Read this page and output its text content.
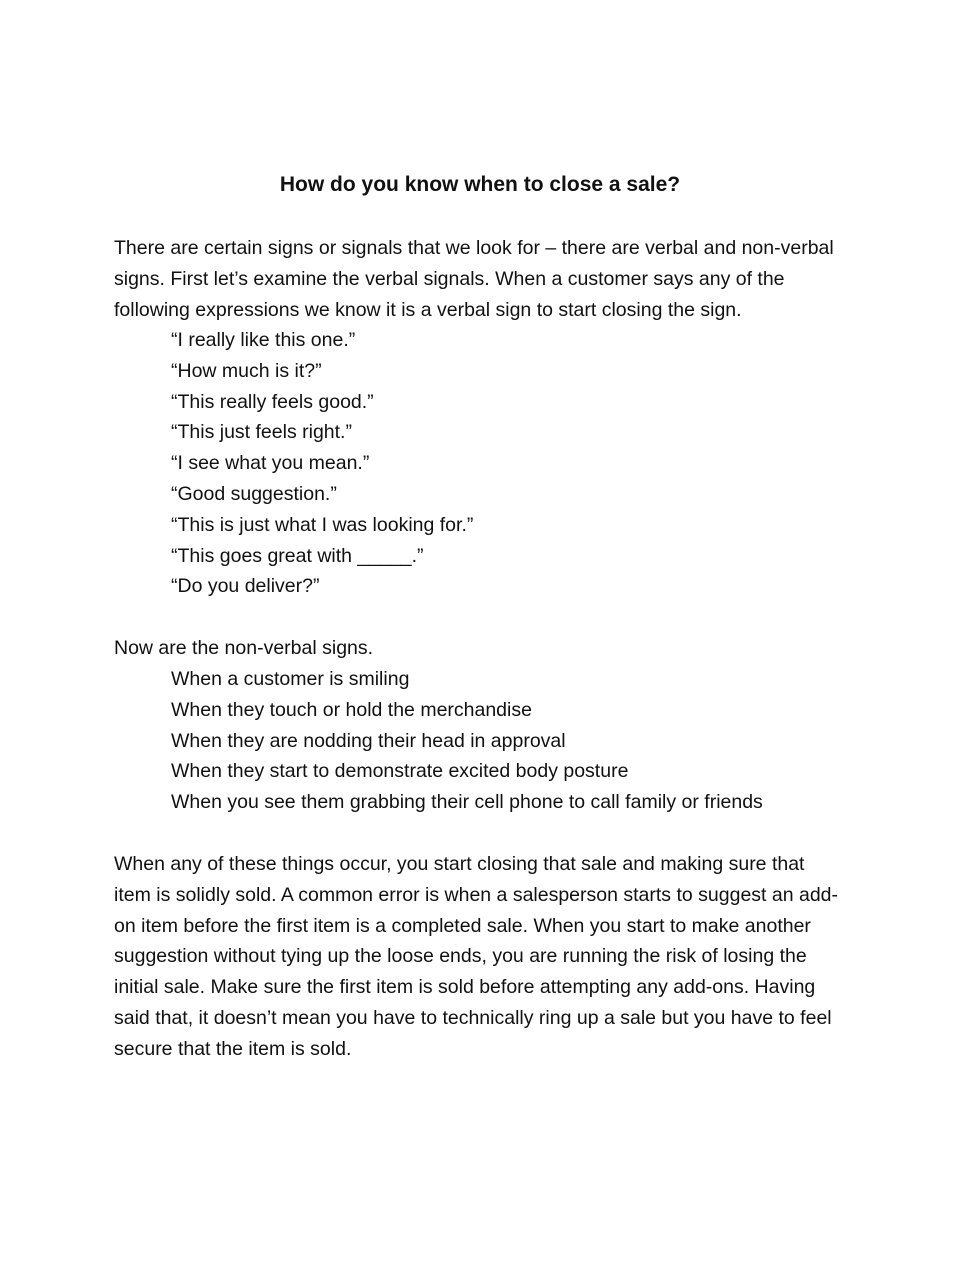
How do you know when to close a sale?

There are certain signs or signals that we look for – there are verbal and non-verbal signs. First let’s examine the verbal signals. When a customer says any of the following expressions we know it is a verbal sign to start closing the sign.

“I really like this one.”
“How much is it?”
“This really feels good.”
“This just feels right.”
“I see what you mean.”
“Good suggestion.”
“This is just what I was looking for.”
“This goes great with _____.”
“Do you deliver?”

Now are the non-verbal signs.

When a customer is smiling
When they touch or hold the merchandise
When they are nodding their head in approval
When they start to demonstrate excited body posture
When you see them grabbing their cell phone to call family or friends

When any of these things occur, you start closing that sale and making sure that item is solidly sold. A common error is when a salesperson starts to suggest an add-on item before the first item is a completed sale. When you start to make another suggestion without tying up the loose ends, you are running the risk of losing the initial sale. Make sure the first item is sold before attempting any add-ons. Having said that, it doesn’t mean you have to technically ring up a sale but you have to feel secure that the item is sold.
